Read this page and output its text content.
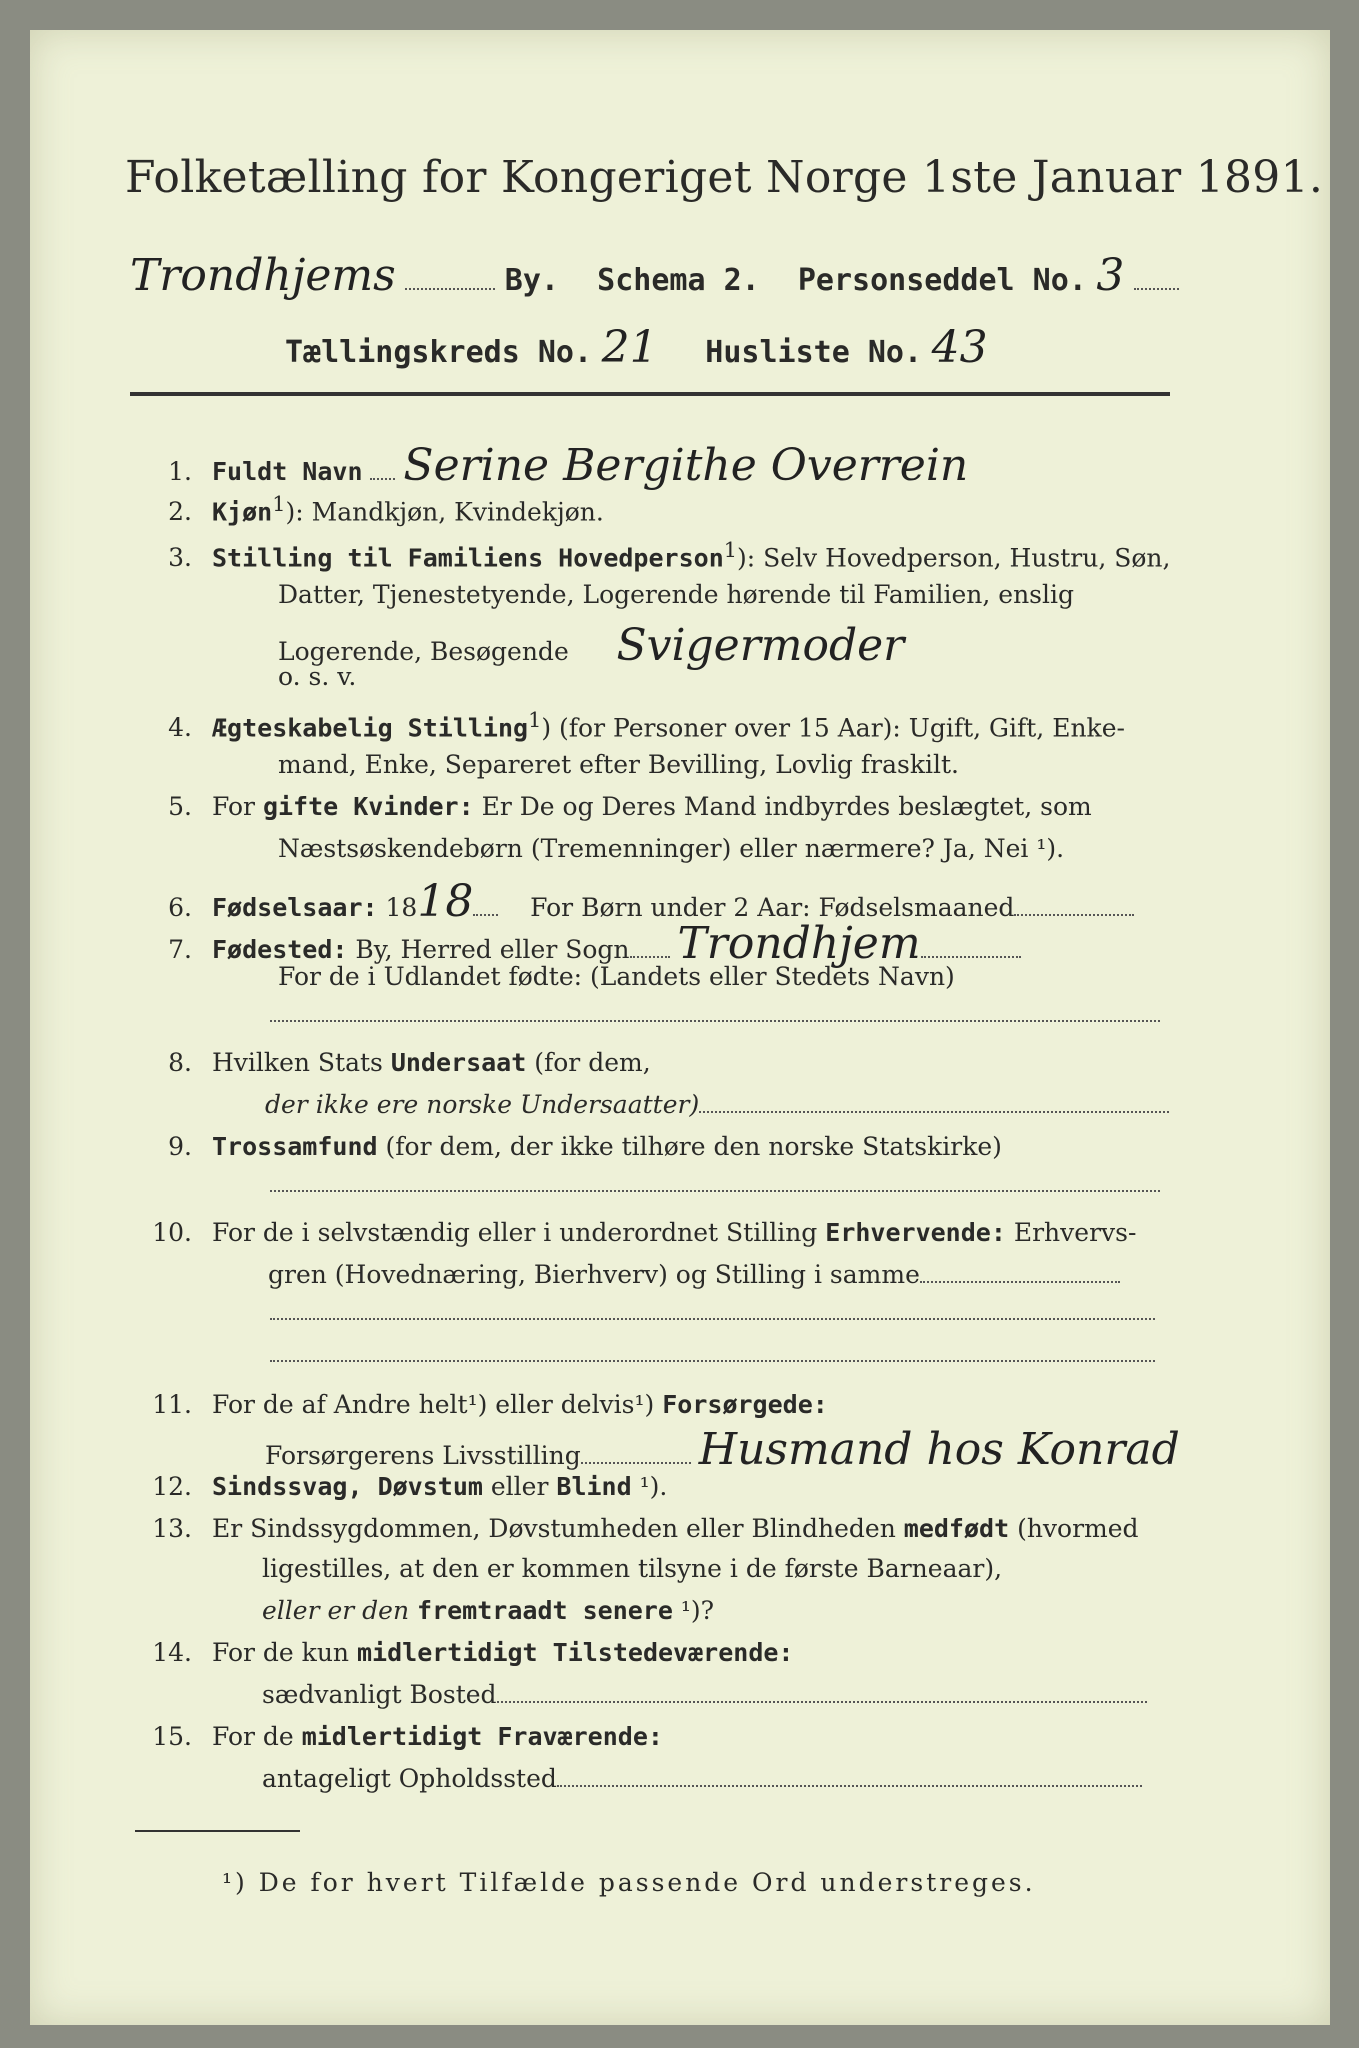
Folketælling for Kongeriget Norge 1ste Januar 1891.
Trondhjems	By. Schema 2. Personseddel No. 3
Tællingskreds No. 21 Husliste No. 43
1. Fuldt Navn Serine Bergithe Overrein
2. Kjøn$^1$): Mandkjøn, Kvindekjøn.
3. Stilling til Familiens Hovedperson$^1$): Selv Hovedperson, Hustru, Søn,
Datter, Tjenestetyende, Logerende hørende til Familien, enslig
Logerende, Besøgende Svigermoder
o. s. v.
4. Ægteskabelig Stilling$^1$) (for Personer over 15 Aar): Ugift, Gift, Enke-
mand, Enke, Separeret efter Bevilling, Lovlig fraskilt.
5. For gifte Kvinder: Er De og Deres Mand indbyrdes beslægtet, som
Næstsøskendebørn (Tremenninger) eller nærmere? Ja, Nei ¹).
6. Fødselsaar: 1818 For Børn under 2 Aar: Fødselsmaaned
7. Fødested: By, Herred eller Sogn Trondhjem
For de i Udlandet fødte: (Landets eller Stedets Navn)
8. Hvilken Stats Undersaat (for dem,
der ikke ere norske Undersaatter)
9. Trossamfund (for dem, der ikke tilhøre den norske Statskirke)
10. For de i selvstændig eller i underordnet Stilling Erhvervende: Erhvervs-
gren (Hovednæring, Bierhverv) og Stilling i samme
11. For de af Andre helt¹) eller delvis¹) Forsørgede:
Forsørgerens Livsstilling	Husmand hos Konrad
12. Sindssvag, Døvstum eller Blind ¹).
13. Er Sindssygdommen, Døvstumheden eller Blindheden medfødt (hvormed
ligestilles, at den er kommen tilsyne i de første Barneaar),
eller er den fremtraadt senere ¹)?
14. For de kun midlertidigt Tilstedeværende:
sædvanligt Bosted
15. For de midlertidigt Fraværende:
antageligt Opholdssted
¹) De for hvert Tilfælde passende Ord understreges.
